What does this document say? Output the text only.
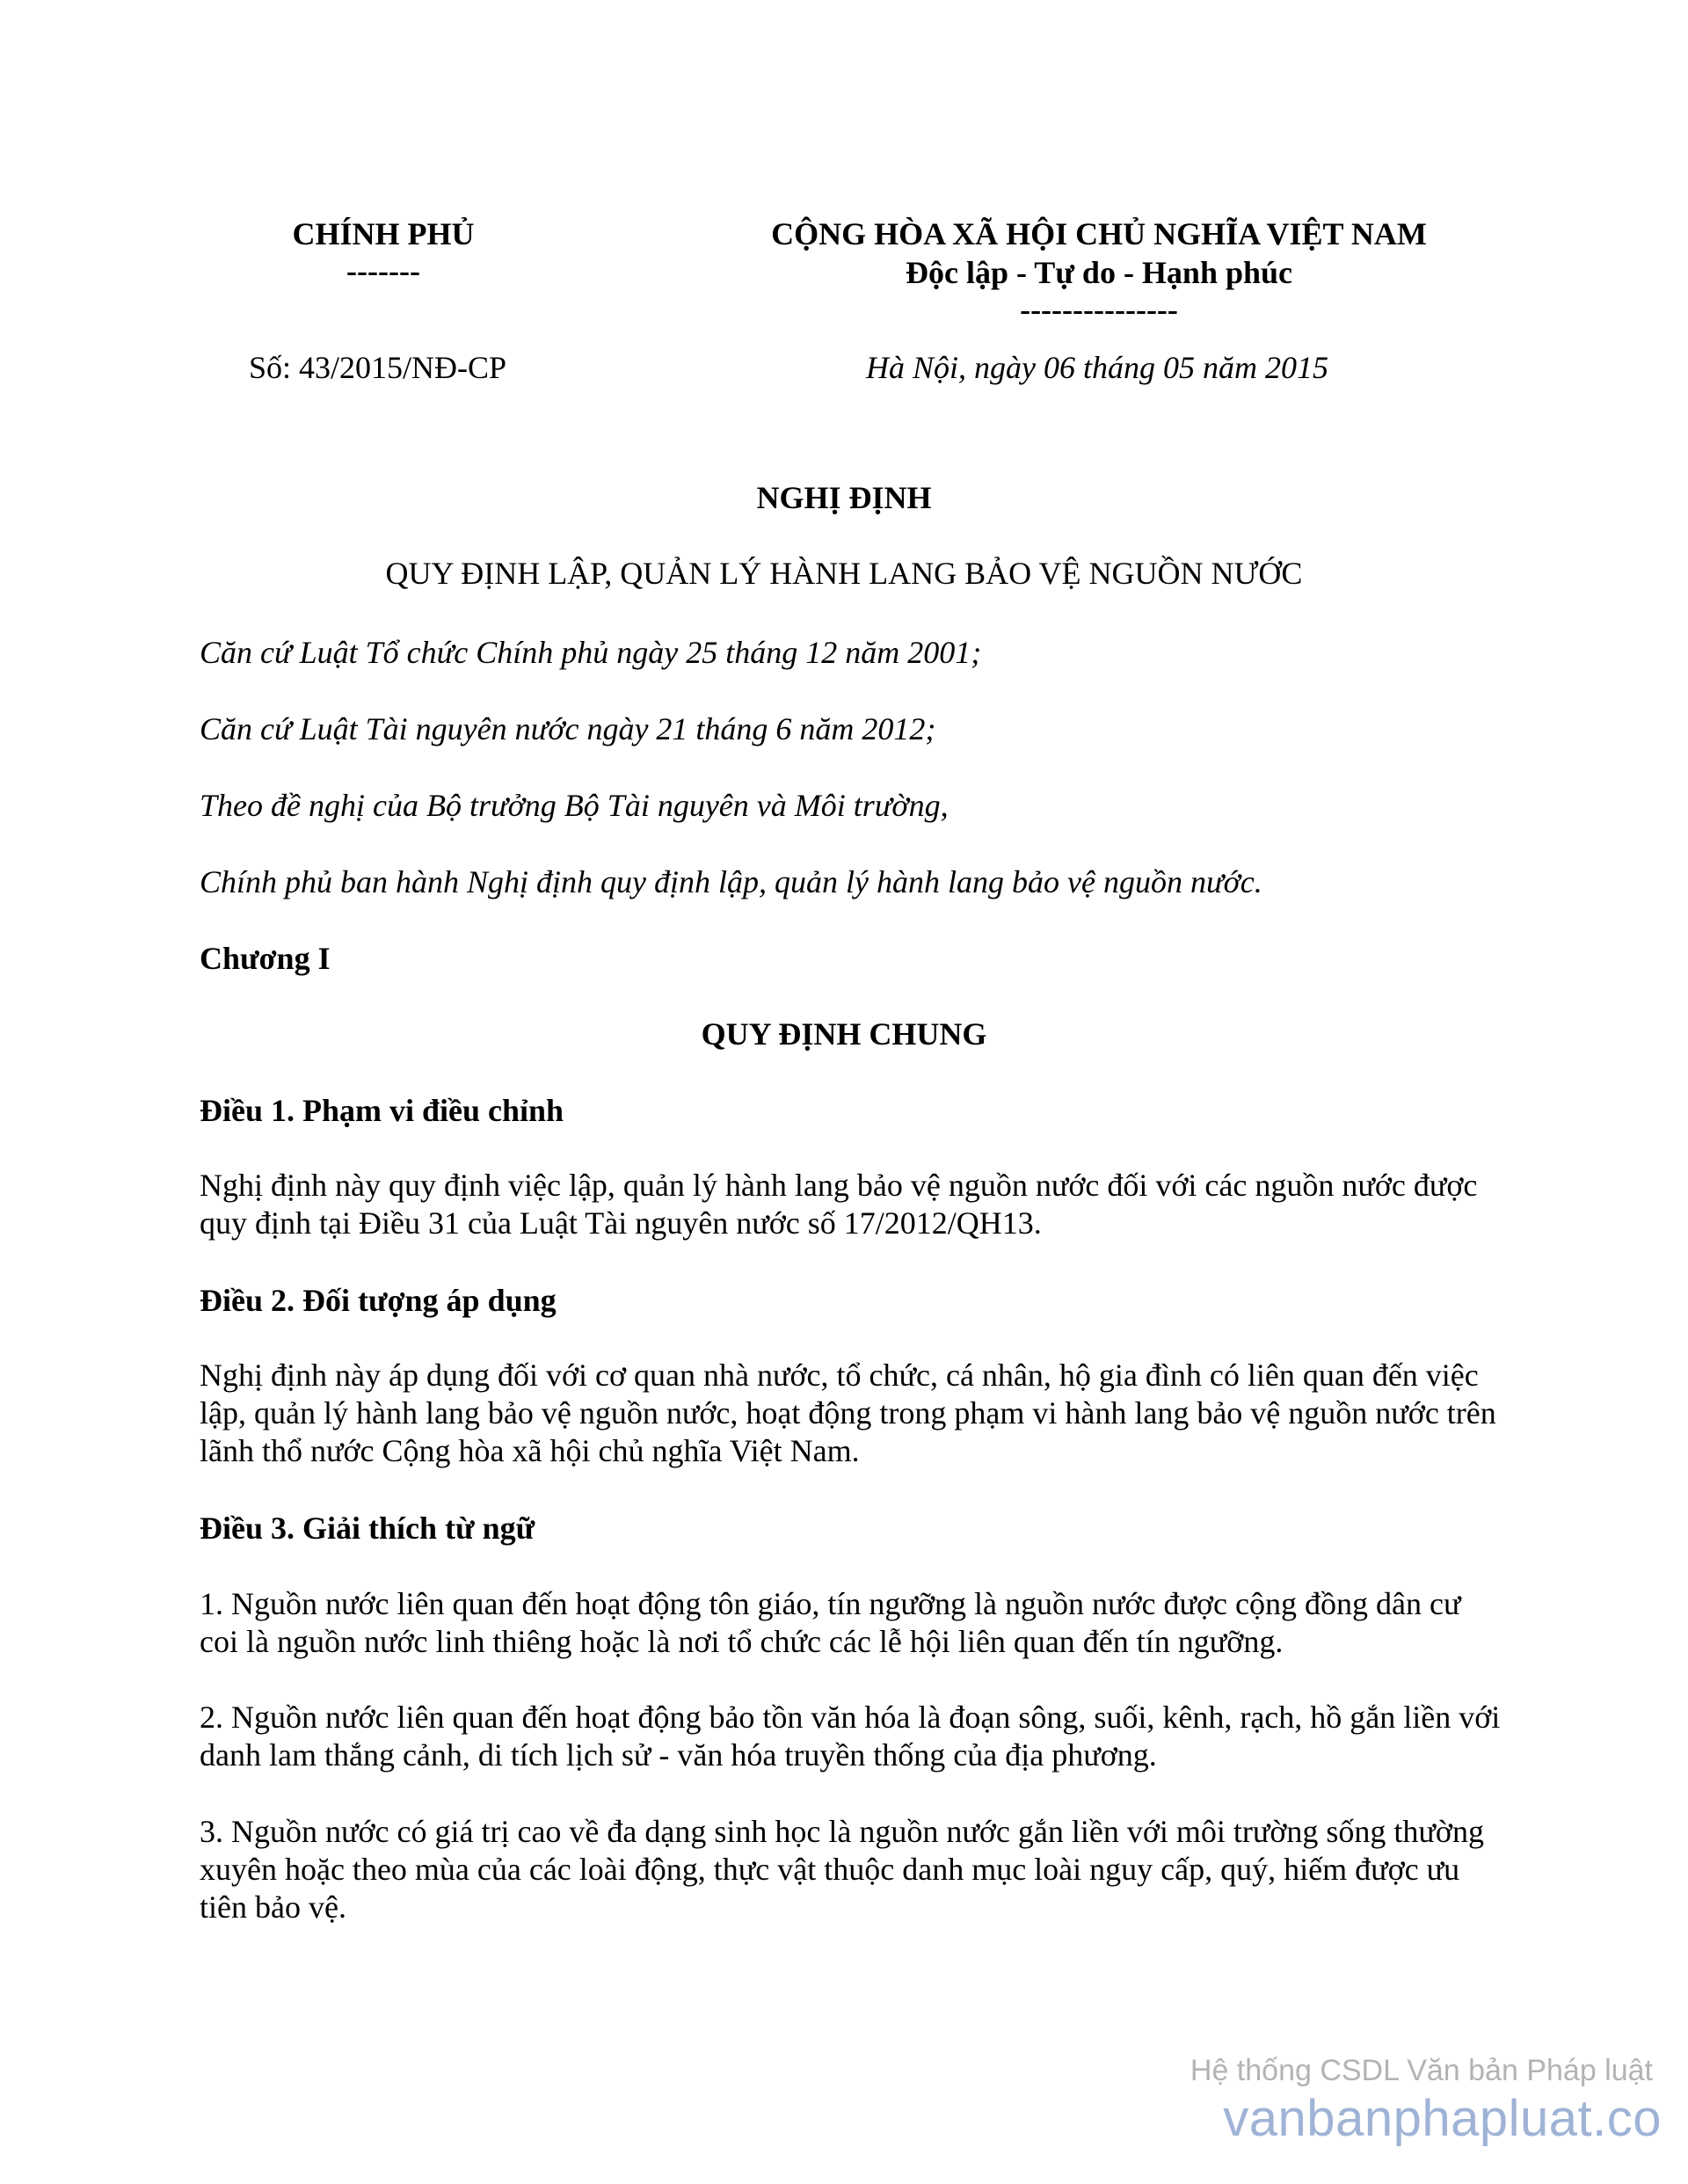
CHÍNH PHỦ
-------
CỘNG HÒA XÃ HỘI CHỦ NGHĨA VIỆT NAM
Độc lập - Tự do - Hạnh phúc
---------------
Số: 43/2015/NĐ-CP	Hà Nội, ngày 06 tháng 05 năm 2015
NGHỊ ĐỊNH
QUY ĐỊNH LẬP, QUẢN LÝ HÀNH LANG BẢO VỆ NGUỒN NƯỚC
Căn cứ Luật Tổ chức Chính phủ ngày 25 tháng 12 năm 2001;
Căn cứ Luật Tài nguyên nước ngày 21 tháng 6 năm 2012;
Theo đề nghị của Bộ trưởng Bộ Tài nguyên và Môi trường,
Chính phủ ban hành Nghị định quy định lập, quản lý hành lang bảo vệ nguồn nước.
Chương I
QUY ĐỊNH CHUNG
Điều 1. Phạm vi điều chỉnh
Nghị định này quy định việc lập, quản lý hành lang bảo vệ nguồn nước đối với các nguồn nước được quy định tại Điều 31 của Luật Tài nguyên nước số 17/2012/QH13.
Điều 2. Đối tượng áp dụng
Nghị định này áp dụng đối với cơ quan nhà nước, tổ chức, cá nhân, hộ gia đình có liên quan đến việc lập, quản lý hành lang bảo vệ nguồn nước, hoạt động trong phạm vi hành lang bảo vệ nguồn nước trên lãnh thổ nước Cộng hòa xã hội chủ nghĩa Việt Nam.
Điều 3. Giải thích từ ngữ
1. Nguồn nước liên quan đến hoạt động tôn giáo, tín ngưỡng là nguồn nước được cộng đồng dân cư coi là nguồn nước linh thiêng hoặc là nơi tổ chức các lễ hội liên quan đến tín ngưỡng.
2. Nguồn nước liên quan đến hoạt động bảo tồn văn hóa là đoạn sông, suối, kênh, rạch, hồ gắn liền với danh lam thắng cảnh, di tích lịch sử - văn hóa truyền thống của địa phương.
3. Nguồn nước có giá trị cao về đa dạng sinh học là nguồn nước gắn liền với môi trường sống thường xuyên hoặc theo mùa của các loài động, thực vật thuộc danh mục loài nguy cấp, quý, hiếm được ưu tiên bảo vệ.
Hệ thống CSDL Văn bản Pháp luật
vanbanphapluat.co
